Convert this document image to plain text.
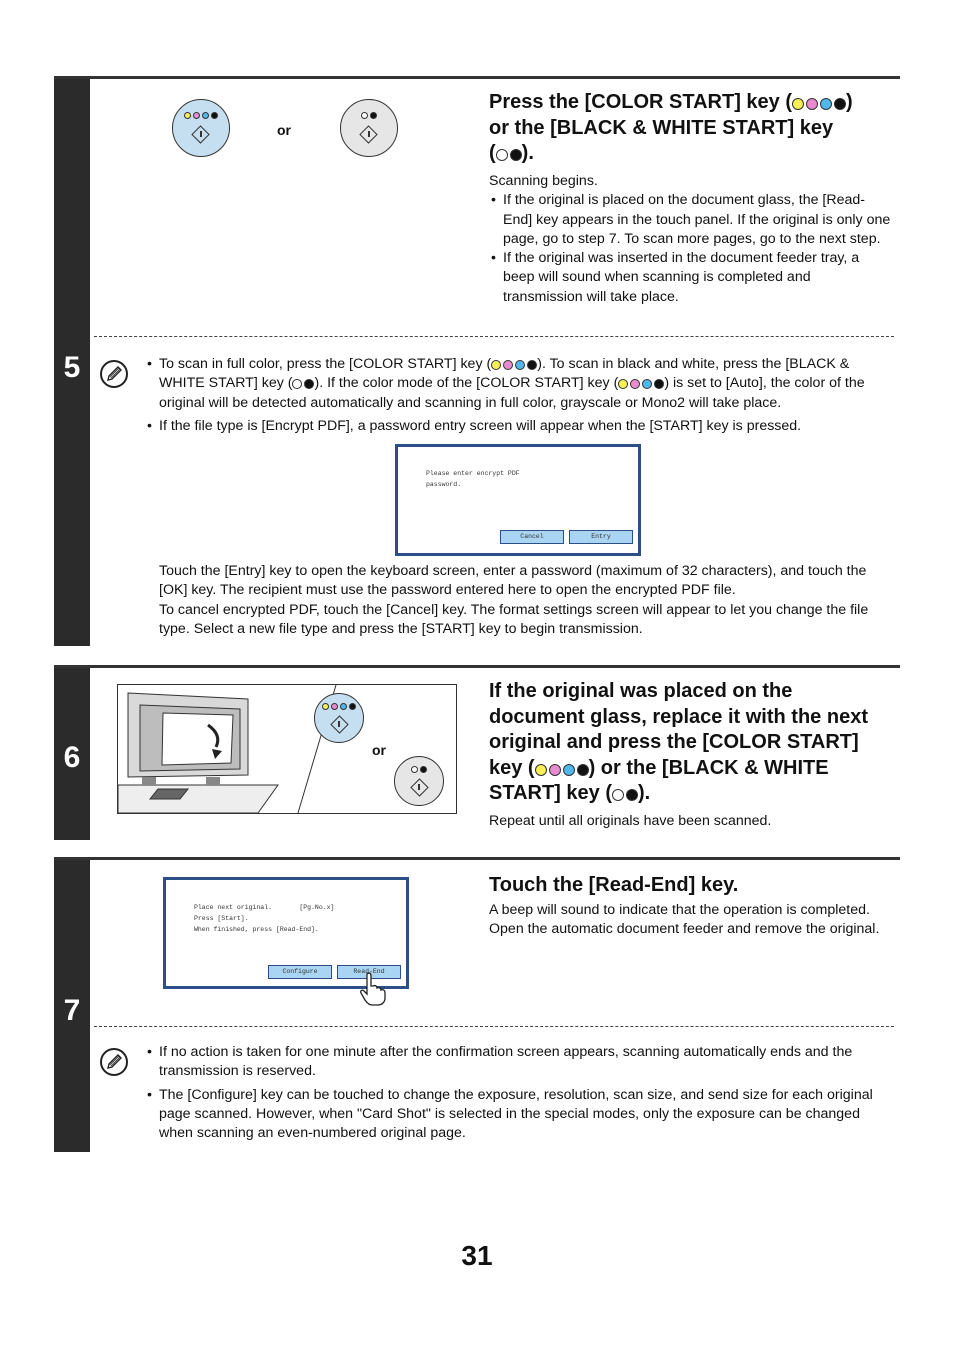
5
or
Press the [COLOR START] key (	)
or the [BLACK & WHITE START] key
( ).
Scanning begins.
• If the original is placed on the document glass, the [Read-End] key appears in the touch panel. If the original is only one page, go to step 7. To scan more pages, go to the next step.
• If the original was inserted in the document feeder tray, a beep will sound when scanning is completed and transmission will take place.
• To scan in full color, press the [COLOR START] key (	). To scan in black and white, press the [BLACK & WHITE START] key ( ). If the color mode of the [COLOR START] key (	) is set to [Auto], the color of the original will be detected automatically and scanning in full color, grayscale or Mono2 will take place.
• If the file type is [Encrypt PDF], a password entry screen will appear when the [START] key is pressed.
Please enter encrypt PDF
password.
Cancel	Entry
Touch the [Entry] key to open the keyboard screen, enter a password (maximum of 32 characters), and touch the [OK] key. The recipient must use the password entered here to open the encrypted PDF file.
To cancel encrypted PDF, touch the [Cancel] key. The format settings screen will appear to let you change the file type. Select a new file type and press the [START] key to begin transmission.
6	or
If the original was placed on the
document glass, replace it with the next
original and press the [COLOR START]
key (	) or the [BLACK & WHITE
START] key ( ).
Repeat until all originals have been scanned.
7
Place next original.       [Pg.No.x]
Press [Start].
When finished, press [Read-End].
Configure	Read-End
Touch the [Read-End] key.
A beep will sound to indicate that the operation is completed.
Open the automatic document feeder and remove the original.
• If no action is taken for one minute after the confirmation screen appears, scanning automatically ends and the transmission is reserved.
• The [Configure] key can be touched to change the exposure, resolution, scan size, and send size for each original page scanned. However, when "Card Shot" is selected in the special modes, only the exposure can be changed when scanning an even-numbered original page.
31
